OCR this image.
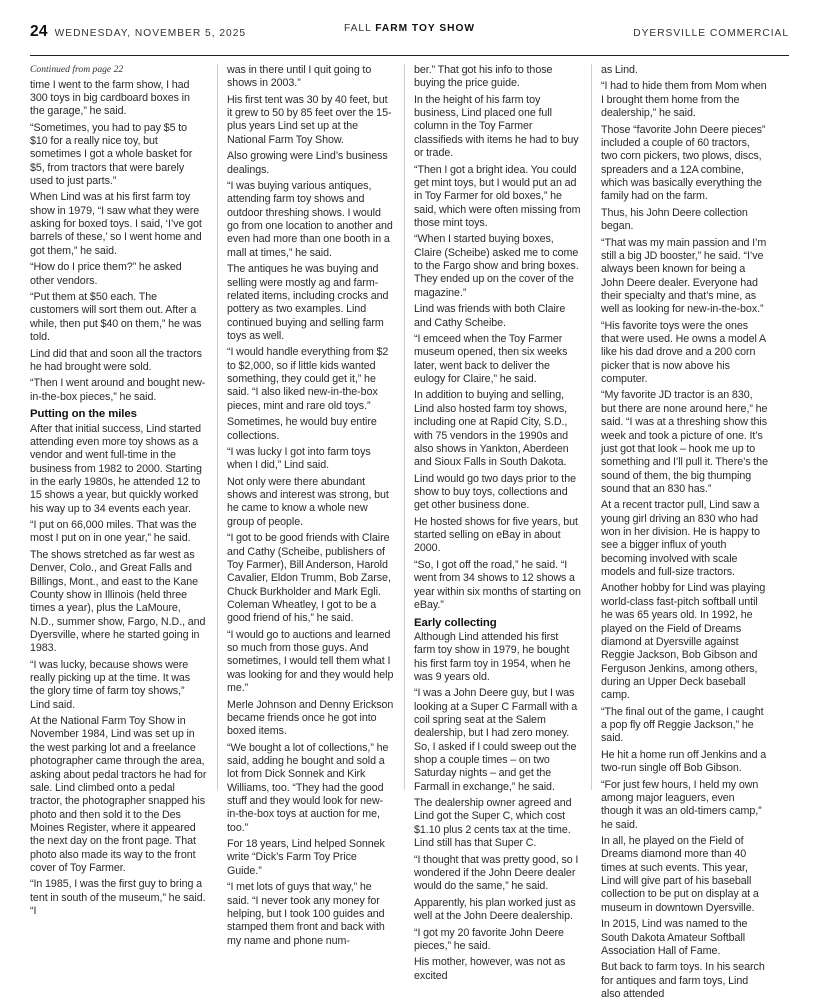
24 WEDNESDAY, NOVEMBER 5, 2025	FALL FARM TOY SHOW	DYERSVILLE COMMERCIAL

Continued from page 22

time I went to the farm show, I had 300 toys in big cardboard boxes in the garage,” he said.

“Sometimes, you had to pay $5 to $10 for a really nice toy, but sometimes I got a whole basket for $5, from tractors that were barely used to just parts.”

When Lind was at his first farm toy show in 1979, “I saw what they were asking for boxed toys. I said, ‘I’ve got barrels of these,’ so I went home and got them,” he said.

“How do I price them?” he asked other vendors.

“Put them at $50 each. The customers will sort them out. After a while, then put $40 on them,” he was told.

Lind did that and soon all the tractors he had brought were sold.

“Then I went around and bought new-in-the-box pieces,” he said.

Putting on the miles

After that initial success, Lind started attending even more toy shows as a vendor and went full-time in the business from 1982 to 2000. Starting in the early 1980s, he attended 12 to 15 shows a year, but quickly worked his way up to 34 events each year.

“I put on 66,000 miles. That was the most I put on in one year,” he said.

The shows stretched as far west as Denver, Colo., and Great Falls and Billings, Mont., and east to the Kane County show in Illinois (held three times a year), plus the LaMoure, N.D., summer show, Fargo, N.D., and Dyersville, where he started going in 1983.

“I was lucky, because shows were really picking up at the time. It was the glory time of farm toy shows,” Lind said.

At the National Farm Toy Show in November 1984, Lind was set up in the west parking lot and a freelance photographer came through the area, asking about pedal tractors he had for sale. Lind climbed onto a pedal tractor, the photographer snapped his photo and then sold it to the Des Moines Register, where it appeared the next day on the front page. That photo also made its way to the front cover of Toy Farmer.

“In 1985, I was the first guy to bring a tent in south of the museum,” he said. “I

was in there until I quit going to shows in 2003.”

His first tent was 30 by 40 feet, but it grew to 50 by 85 feet over the 15-plus years Lind set up at the National Farm Toy Show.

Also growing were Lind’s business dealings.

“I was buying various antiques, attending farm toy shows and outdoor threshing shows. I would go from one location to another and even had more than one booth in a mall at times,” he said.

The antiques he was buying and selling were mostly ag and farm-related items, including crocks and pottery as two examples. Lind continued buying and selling farm toys as well.

“I would handle everything from $2 to $2,000, so if little kids wanted something, they could get it,” he said. “I also liked new-in-the-box pieces, mint and rare old toys.”

Sometimes, he would buy entire collections.

“I was lucky I got into farm toys when I did,” Lind said.

Not only were there abundant shows and interest was strong, but he came to know a whole new group of people.

“I got to be good friends with Claire and Cathy (Scheibe, publishers of Toy Farmer), Bill Anderson, Harold Cavalier, Eldon Trumm, Bob Zarse, Chuck Burkholder and Mark Egli. Coleman Wheatley, I got to be a good friend of his,” he said.

“I would go to auctions and learned so much from those guys. And sometimes, I would tell them what I was looking for and they would help me.”

Merle Johnson and Denny Erickson became friends once he got into boxed items.

“We bought a lot of collections,” he said, adding he bought and sold a lot from Dick Sonnek and Kirk Williams, too. “They had the good stuff and they would look for new-in-the-box toys at auction for me, too.”

For 18 years, Lind helped Sonnek write “Dick’s Farm Toy Price Guide.”

“I met lots of guys that way,” he said. “I never took any money for helping, but I took 100 guides and stamped them front and back with my name and phone num-

ber.” That got his info to those buying the price guide.

In the height of his farm toy business, Lind placed one full column in the Toy Farmer classifieds with items he had to buy or trade.

“Then I got a bright idea. You could get mint toys, but I would put an ad in Toy Farmer for old boxes,” he said, which were often missing from those mint toys.

“When I started buying boxes, Claire (Scheibe) asked me to come to the Fargo show and bring boxes. They ended up on the cover of the magazine.”

Lind was friends with both Claire and Cathy Scheibe.

“I emceed when the Toy Farmer museum opened, then six weeks later, went back to deliver the eulogy for Claire,” he said.

In addition to buying and selling, Lind also hosted farm toy shows, including one at Rapid City, S.D., with 75 vendors in the 1990s and also shows in Yankton, Aberdeen and Sioux Falls in South Dakota.

Lind would go two days prior to the show to buy toys, collections and get other business done.

He hosted shows for five years, but started selling on eBay in about 2000.

“So, I got off the road,” he said. “I went from 34 shows to 12 shows a year within six months of starting on eBay.”

Early collecting

Although Lind attended his first farm toy show in 1979, he bought his first farm toy in 1954, when he was 9 years old.

“I was a John Deere guy, but I was looking at a Super C Farmall with a coil spring seat at the Salem dealership, but I had zero money. So, I asked if I could sweep out the shop a couple times – on two Saturday nights – and get the Farmall in exchange,” he said.

The dealership owner agreed and Lind got the Super C, which cost $1.10 plus 2 cents tax at the time. Lind still has that Super C.

“I thought that was pretty good, so I wondered if the John Deere dealer would do the same,” he said.

Apparently, his plan worked just as well at the John Deere dealership.

“I got my 20 favorite John Deere pieces,” he said.

His mother, however, was not as excited

as Lind.

“I had to hide them from Mom when I brought them home from the dealership,” he said.

Those “favorite John Deere pieces” included a couple of 60 tractors, two corn pickers, two plows, discs, spreaders and a 12A combine, which was basically everything the family had on the farm.

Thus, his John Deere collection began.

“That was my main passion and I’m still a big JD booster,” he said. “I’ve always been known for being a John Deere dealer. Everyone had their specialty and that’s mine, as well as looking for new-in-the-box.”

“His favorite toys were the ones that were used. He owns a model A like his dad drove and a 200 corn picker that is now above his computer.

“My favorite JD tractor is an 830, but there are none around here,” he said. “I was at a threshing show this week and took a picture of one. It’s just got that look – hook me up to something and I’ll pull it. There’s the sound of them, the big thumping sound that an 830 has.”

At a recent tractor pull, Lind saw a young girl driving an 830 who had won in her division. He is happy to see a bigger influx of youth becoming involved with scale models and full-size tractors.

Another hobby for Lind was playing world-class fast-pitch softball until he was 65 years old. In 1992, he played on the Field of Dreams diamond at Dyersville against Reggie Jackson, Bob Gibson and Ferguson Jenkins, among others, during an Upper Deck baseball camp.

“The final out of the game, I caught a pop fly off Reggie Jackson,” he said.

He hit a home run off Jenkins and a two-run single off Bob Gibson.

“For just few hours, I held my own among major leaguers, even though it was an old-timers camp,” he said.

In all, he played on the Field of Dreams diamond more than 40 times at such events. This year, Lind will give part of his baseball collection to be put on display at a museum in downtown Dyersville.

In 2015, Lind was named to the South Dakota Amateur Softball Association Hall of Fame.

But back to farm toys. In his search for antiques and farm toys, Lind also attended
